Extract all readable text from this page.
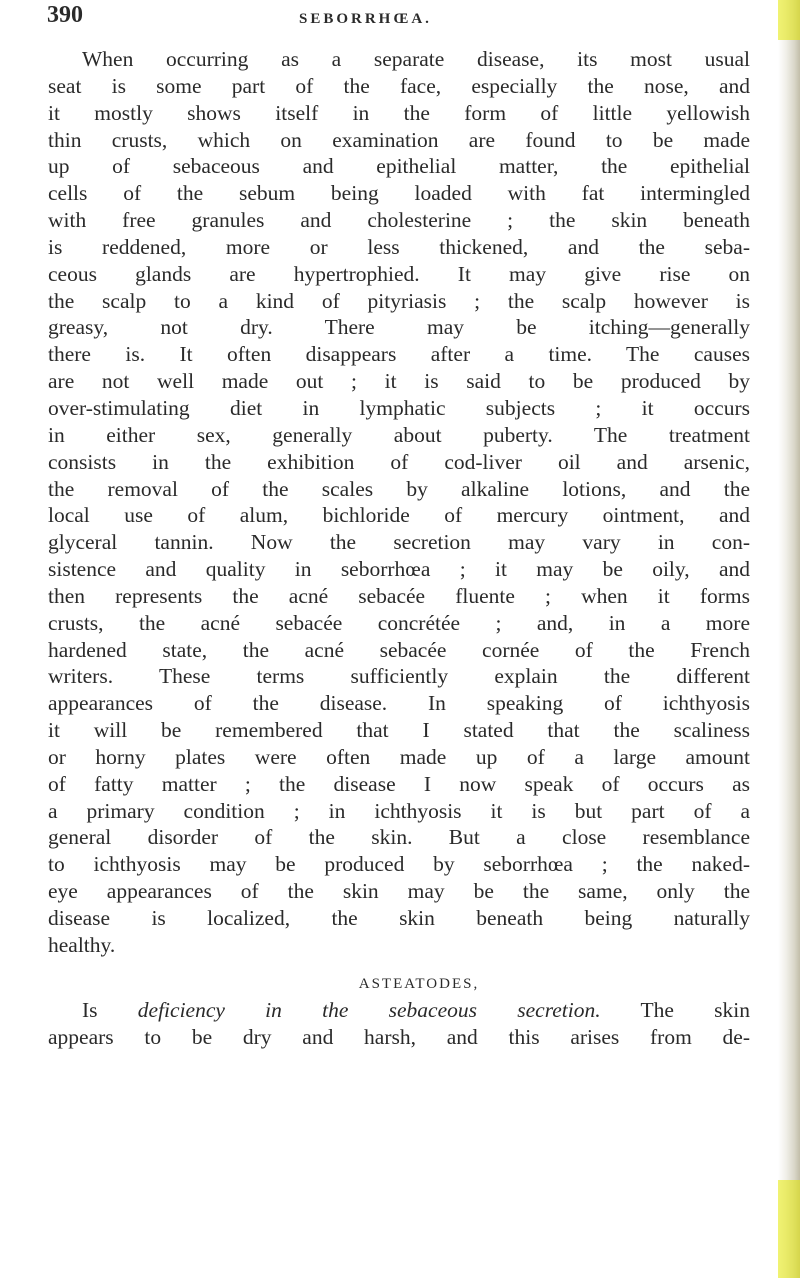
390	SEBORRHŒA.
When occurring as a separate disease, its most usual
seat is some part of the face, especially the nose, and
it mostly shows itself in the form of little yellowish
thin crusts, which on examination are found to be made
up of sebaceous and epithelial matter, the epithelial
cells of the sebum being loaded with fat intermingled
with free granules and cholesterine ; the skin beneath
is reddened, more or less thickened, and the seba-
ceous glands are hypertrophied. It may give rise on
the scalp to a kind of pityriasis ; the scalp however is
greasy, not dry. There may be itching—generally
there is. It often disappears after a time. The causes
are not well made out ; it is said to be produced by
over-stimulating diet in lymphatic subjects ; it occurs
in either sex, generally about puberty. The treatment
consists in the exhibition of cod-liver oil and arsenic,
the removal of the scales by alkaline lotions, and the
local use of alum, bichloride of mercury ointment, and
glyceral tannin. Now the secretion may vary in con-
sistence and quality in seborrhœa ; it may be oily, and
then represents the acné sebacée fluente ; when it forms
crusts, the acné sebacée concrétée ; and, in a more
hardened state, the acné sebacée cornée of the French
writers. These terms sufficiently explain the different
appearances of the disease. In speaking of ichthyosis
it will be remembered that I stated that the scaliness
or horny plates were often made up of a large amount
of fatty matter ; the disease I now speak of occurs as
a primary condition ; in ichthyosis it is but part of a
general disorder of the skin. But a close resemblance
to ichthyosis may be produced by seborrhœa ; the naked-
eye appearances of the skin may be the same, only the
disease is localized, the skin beneath being naturally
healthy.
ASTEATODES,
Is deficiency in the sebaceous secretion. The skin
appears to be dry and harsh, and this arises from de-
